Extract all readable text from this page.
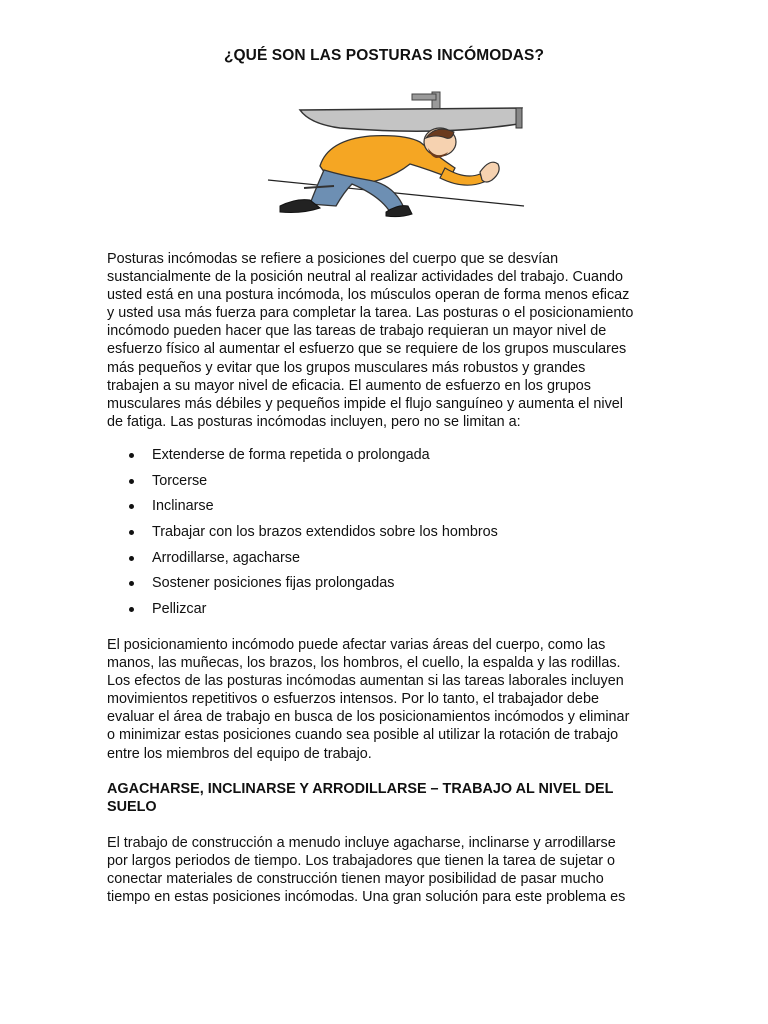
¿QUÉ SON LAS POSTURAS INCÓMODAS?
Posturas incómodas se refiere a posiciones del cuerpo que se desvían
sustancialmente de la posición neutral al realizar actividades del trabajo. Cuando
usted está en una postura incómoda, los músculos operan de forma menos eficaz
y usted usa más fuerza para completar la tarea. Las posturas o el posicionamiento
incómodo pueden hacer que las tareas de trabajo requieran un mayor nivel de
esfuerzo físico al aumentar el esfuerzo que se requiere de los grupos musculares
más pequeños y evitar que los grupos musculares más robustos y grandes
trabajen a su mayor nivel de eficacia. El aumento de esfuerzo en los grupos
musculares más débiles y pequeños impide el flujo sanguíneo y aumenta el nivel
de fatiga. Las posturas incómodas incluyen, pero no se limitan a:
Extenderse de forma repetida o prolongada
Torcerse
Inclinarse
Trabajar con los brazos extendidos sobre los hombros
Arrodillarse, agacharse
Sostener posiciones fijas prolongadas
Pellizcar
El posicionamiento incómodo puede afectar varias áreas del cuerpo, como las
manos, las muñecas, los brazos, los hombros, el cuello, la espalda y las rodillas.
Los efectos de las posturas incómodas aumentan si las tareas laborales incluyen
movimientos repetitivos o esfuerzos intensos. Por lo tanto, el trabajador debe
evaluar el área de trabajo en busca de los posicionamientos incómodos y eliminar
o minimizar estas posiciones cuando sea posible al utilizar la rotación de trabajo
entre los miembros del equipo de trabajo.
AGACHARSE, INCLINARSE Y ARRODILLARSE – TRABAJO AL NIVEL DEL
SUELO
El trabajo de construcción a menudo incluye agacharse, inclinarse y arrodillarse
por largos periodos de tiempo. Los trabajadores que tienen la tarea de sujetar o
conectar materiales de construcción tienen mayor posibilidad de pasar mucho
tiempo en estas posiciones incómodas. Una gran solución para este problema es
